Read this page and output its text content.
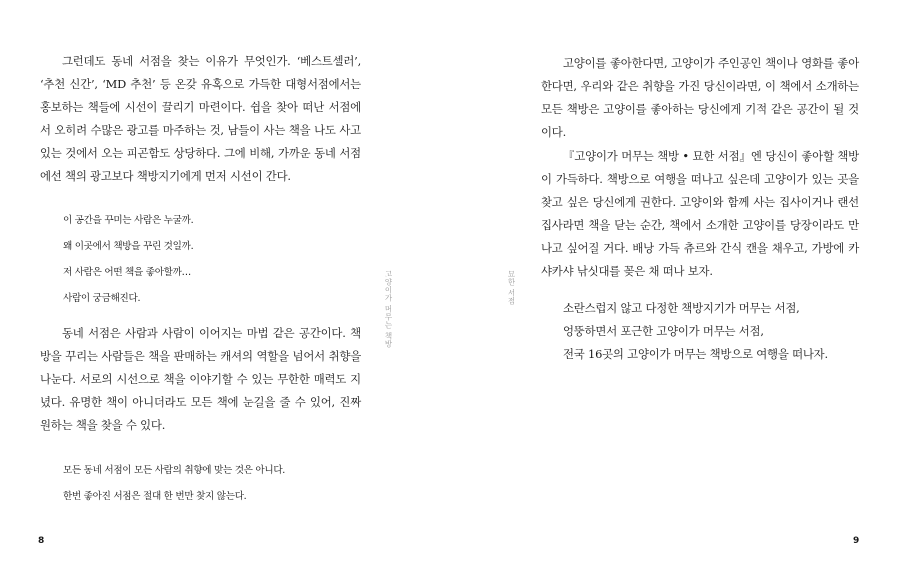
그런데도 동네 서점을 찾는 이유가 무엇인가. ‘베스트셀러’, ‘추천 신간’, ‘MD 추천’ 등 온갖 유혹으로 가득한 대형서점에서는 홍보하는 책들에 시선이 끌리기 마련이다. 쉽을 찾아 떠난 서점에서 오히려 수많은 광고를 마주하는 것, 남들이 사는 책을 나도 사고 있는 것에서 오는 피곤함도 상당하다. 그에 비해, 가까운 동네 서점에선 책의 광고보다 책방지기에게 먼저 시선이 간다.

이 공간을 꾸미는 사람은 누굴까.
왜 이곳에서 책방을 꾸린 것일까.
저 사람은 어떤 책을 좋아할까…
사람이 궁금해진다.

동네 서점은 사람과 사람이 이어지는 마법 같은 공간이다. 책방을 꾸리는 사람들은 책을 판매하는 캐셔의 역할을 넘어서 취향을 나눈다. 서로의 시선으로 책을 이야기할 수 있는 무한한 매력도 지녔다. 유명한 책이 아니더라도 모든 책에 눈길을 줄 수 있어, 진짜 원하는 책을 찾을 수 있다.

모든 동네 서점이 모든 사람의 취향에 맞는 것은 아니다.
한번 좋아진 서점은 절대 한 번만 찾지 않는다.
고양이가 머무는 책방
8
묘한 서점

고양이를 좋아한다면, 고양이가 주인공인 책이나 영화를 좋아한다면, 우리와 같은 취향을 가진 당신이라면, 이 책에서 소개하는 모든 책방은 고양이를 좋아하는 당신에게 기적 같은 공간이 될 것이다.

『고양이가 머무는 책방 • 묘한 서점』엔 당신이 좋아할 책방이 가득하다. 책방으로 여행을 떠나고 싶은데 고양이가 있는 곳을 찾고 싶은 당신에게 권한다. 고양이와 함께 사는 집사이거나 랜선 집사라면 책을 닫는 순간, 책에서 소개한 고양이를 당장이라도 만나고 싶어질 거다. 배낭 가득 츄르와 간식 캔을 채우고, 가방에 카샤카샤 낚싯대를 꽂은 채 떠나 보자.

소란스럽지 않고 다정한 책방지기가 머무는 서점,
엉뚱하면서 포근한 고양이가 머무는 서점,
전국 16곳의 고양이가 머무는 책방으로 여행을 떠나자.
9
